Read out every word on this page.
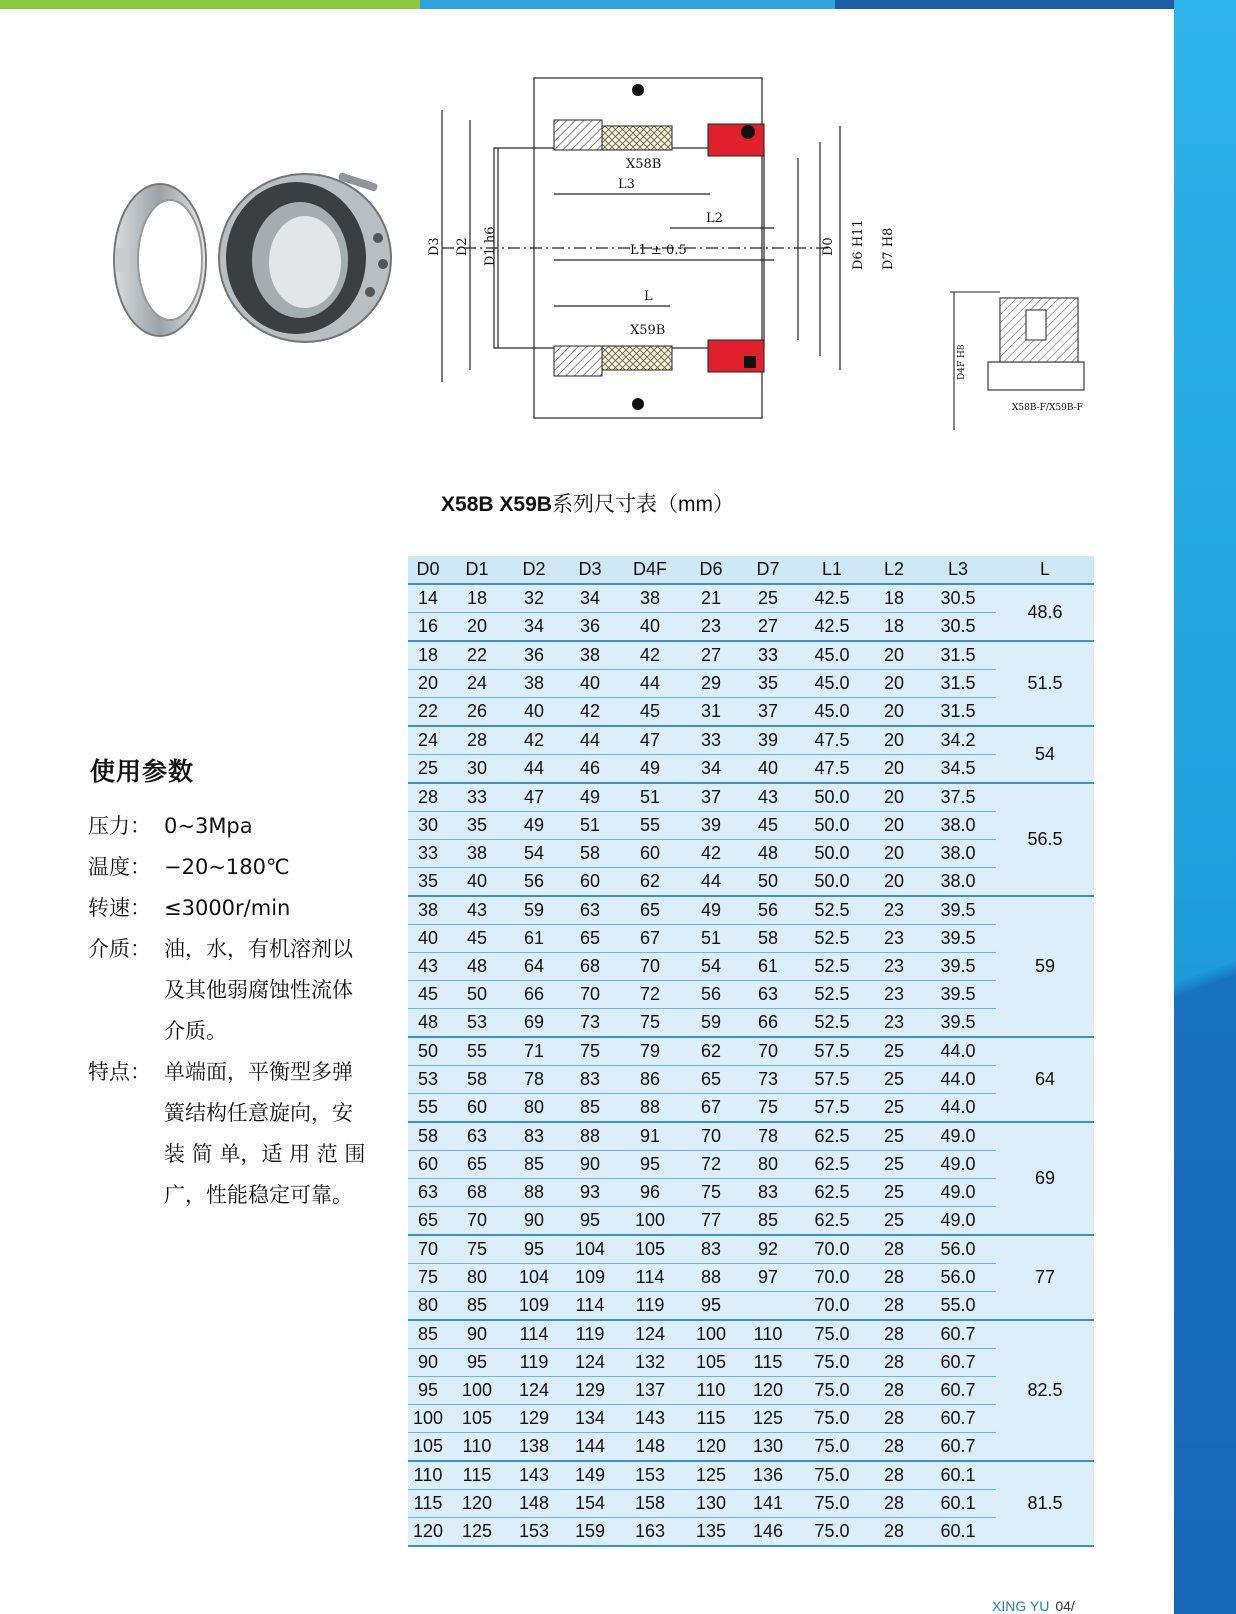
X58B
L3
L2
L1 ± 0.5
L
X59B
D3 D2 D1 h6	D0 D6 H11 D7 H8
D4F H8
X58B-F/X59B-F
X58B X59B系列尺寸表（mm）
D0	D1	D2	D3	D4F	D6	D7	L1	L2	L3	L
14	18	32	34	38	21	25	42.5	18	30.5	48.6
16	20	34	36	40	23	27	42.5	18	30.5	
18	22	36	38	42	27	33	45.0	20	31.5	51.5
20	24	38	40	44	29	35	45.0	20	31.5	
22	26	40	42	45	31	37	45.0	20	31.5	
24	28	42	44	47	33	39	47.5	20	34.2	54
25	30	44	46	49	34	40	47.5	20	34.5	
28	33	47	49	51	37	43	50.0	20	37.5	56.5
30	35	49	51	55	39	45	50.0	20	38.0	
33	38	54	58	60	42	48	50.0	20	38.0	
35	40	56	60	62	44	50	50.0	20	38.0	
38	43	59	63	65	49	56	52.5	23	39.5	59
40	45	61	65	67	51	58	52.5	23	39.5	
43	48	64	68	70	54	61	52.5	23	39.5	
45	50	66	70	72	56	63	52.5	23	39.5	
48	53	69	73	75	59	66	52.5	23	39.5	
50	55	71	75	79	62	70	57.5	25	44.0	64
53	58	78	83	86	65	73	57.5	25	44.0	
55	60	80	85	88	67	75	57.5	25	44.0	
58	63	83	88	91	70	78	62.5	25	49.0	69
60	65	85	90	95	72	80	62.5	25	49.0	
63	68	88	93	96	75	83	62.5	25	49.0	
65	70	90	95	100	77	85	62.5	25	49.0	
70	75	95	104	105	83	92	70.0	28	56.0	77
75	80	104	109	114	88	97	70.0	28	56.0	
80	85	109	114	119	95		70.0	28	55.0	
85	90	114	119	124	100	110	75.0	28	60.7	82.5
90	95	119	124	132	105	115	75.0	28	60.7	
95	100	124	129	137	110	120	75.0	28	60.7	
100	105	129	134	143	115	125	75.0	28	60.7	
105	110	138	144	148	120	130	75.0	28	60.7	
110	115	143	149	153	125	136	75.0	28	60.1	81.5
115	120	148	154	158	130	141	75.0	28	60.1	
120	125	153	159	163	135	146	75.0	28	60.1	
使用参数
压力： 0~3Mpa
温度： −20~180℃
转速： ≤3000r/min
介质： 油，水，有机溶剂以
及其他弱腐蚀性流体
介质。
特点： 单端面，平衡型多弹
簧结构任意旋向，安
装 简 单，适 用 范 围
广，性能稳定可靠。
XING YU 04/
